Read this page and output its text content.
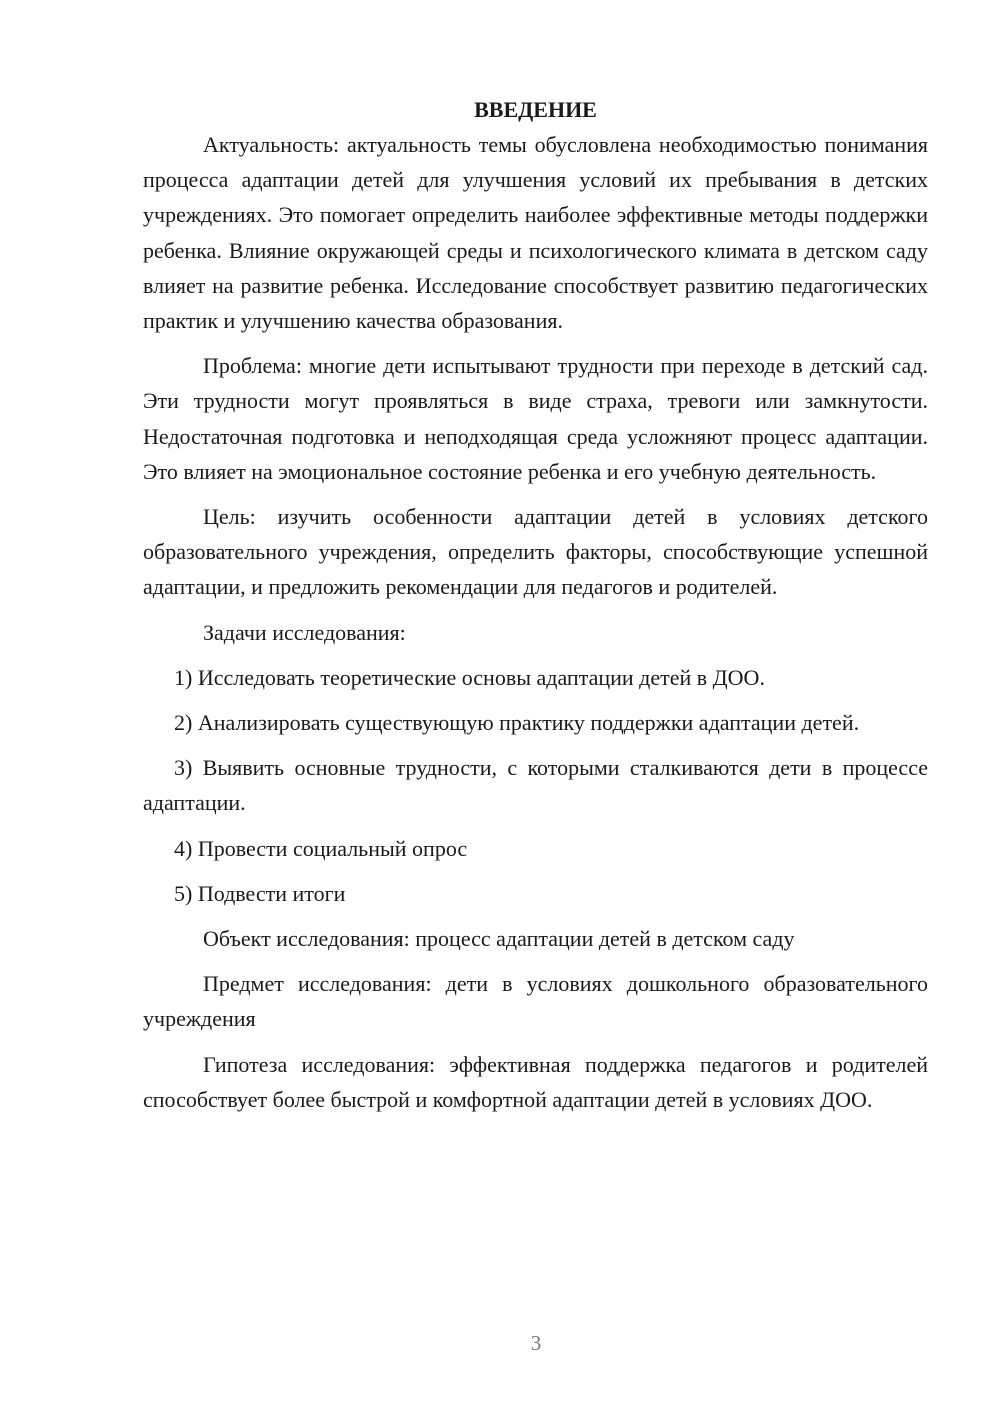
ВВЕДЕНИЕ

Актуальность: актуальность темы обусловлена необходимостью понимания процесса адаптации детей для улучшения условий их пребывания в детских учреждениях. Это помогает определить наиболее эффективные методы поддержки ребенка. Влияние окружающей среды и психологического климата в детском саду влияет на развитие ребенка. Исследование способствует развитию педагогических практик и улучшению качества образования.

Проблема: многие дети испытывают трудности при переходе в детский сад. Эти трудности могут проявляться в виде страха, тревоги или замкнутости. Недостаточная подготовка и неподходящая среда усложняют процесс адаптации. Это влияет на эмоциональное состояние ребенка и его учебную деятельность.

Цель: изучить особенности адаптации детей в условиях детского образовательного учреждения, определить факторы, способствующие успешной адаптации, и предложить рекомендации для педагогов и родителей.

Задачи исследования:

1) Исследовать теоретические основы адаптации детей в ДОО.

2) Анализировать существующую практику поддержки адаптации детей.

3) Выявить основные трудности, с которыми сталкиваются дети в процессе адаптации.

4) Провести социальный опрос

5) Подвести итоги

Объект исследования: процесс адаптации детей в детском саду

Предмет исследования: дети в условиях дошкольного образовательного учреждения

Гипотеза исследования: эффективная поддержка педагогов и родителей способствует более быстрой и комфортной адаптации детей в условиях ДОО.

3
